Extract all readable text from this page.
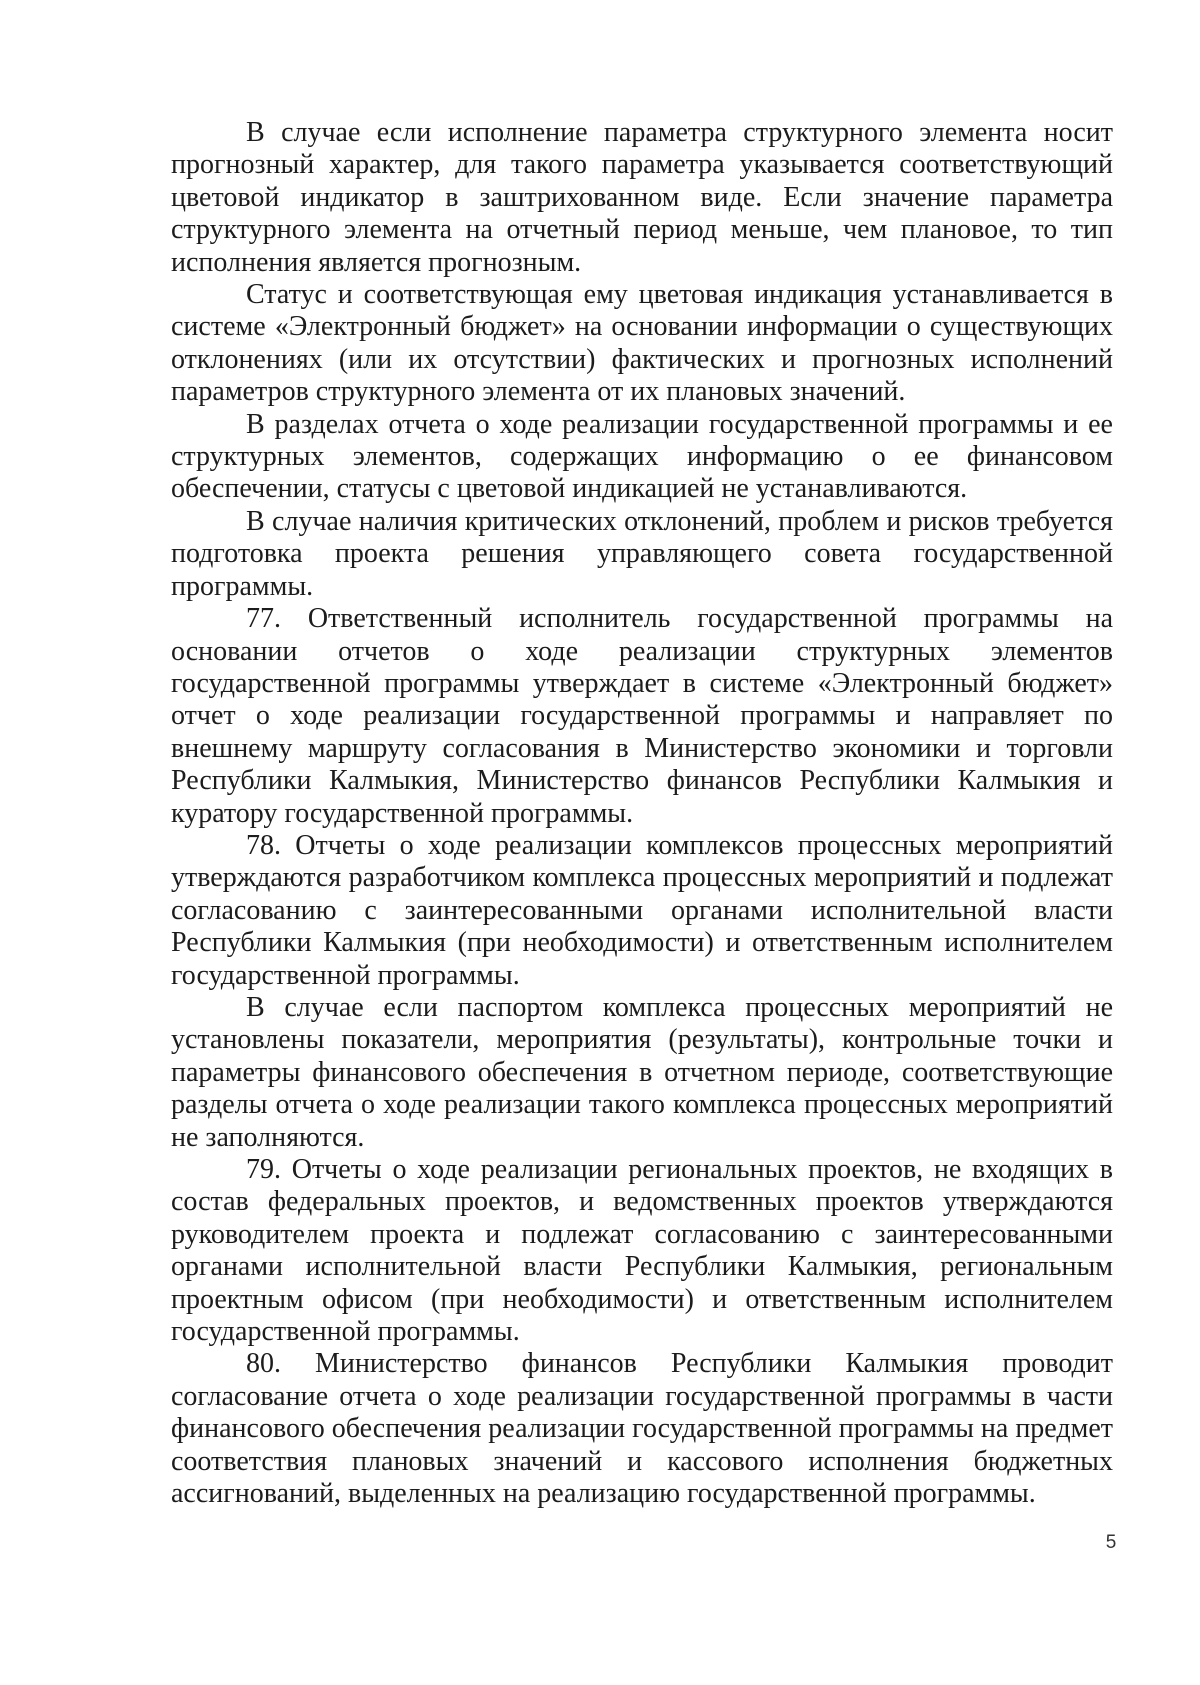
В случае если исполнение параметра структурного элемента носит прогнозный характер, для такого параметра указывается соответствующий цветовой индикатор в заштрихованном виде. Если значение параметра структурного элемента на отчетный период меньше, чем плановое, то тип исполнения является прогнозным.

Статус и соответствующая ему цветовая индикация устанавливается в системе «Электронный бюджет» на основании информации о существующих отклонениях (или их отсутствии) фактических и прогнозных исполнений параметров структурного элемента от их плановых значений.

В разделах отчета о ходе реализации государственной программы и ее структурных элементов, содержащих информацию о ее финансовом обеспечении, статусы с цветовой индикацией не устанавливаются.

В случае наличия критических отклонений, проблем и рисков требуется подготовка проекта решения управляющего совета государственной программы.

77. Ответственный исполнитель государственной программы на основании отчетов о ходе реализации структурных элементов государственной программы утверждает в системе «Электронный бюджет» отчет о ходе реализации государственной программы и направляет по внешнему маршруту согласования в Министерство экономики и торговли Республики Калмыкия, Министерство финансов Республики Калмыкия и куратору государственной программы.

78. Отчеты о ходе реализации комплексов процессных мероприятий утверждаются разработчиком комплекса процессных мероприятий и подлежат согласованию с заинтересованными органами исполнительной власти Республики Калмыкия (при необходимости) и ответственным исполнителем государственной программы.

В случае если паспортом комплекса процессных мероприятий не установлены показатели, мероприятия (результаты), контрольные точки и параметры финансового обеспечения в отчетном периоде, соответствующие разделы отчета о ходе реализации такого комплекса процессных мероприятий не заполняются.

79. Отчеты о ходе реализации региональных проектов, не входящих в состав федеральных проектов, и ведомственных проектов утверждаются руководителем проекта и подлежат согласованию с заинтересованными органами исполнительной власти Республики Калмыкия, региональным проектным офисом (при необходимости) и ответственным исполнителем государственной программы.

80. Министерство финансов Республики Калмыкия проводит согласование отчета о ходе реализации государственной программы в части финансового обеспечения реализации государственной программы на предмет соответствия плановых значений и кассового исполнения бюджетных ассигнований, выделенных на реализацию государственной программы.

5
